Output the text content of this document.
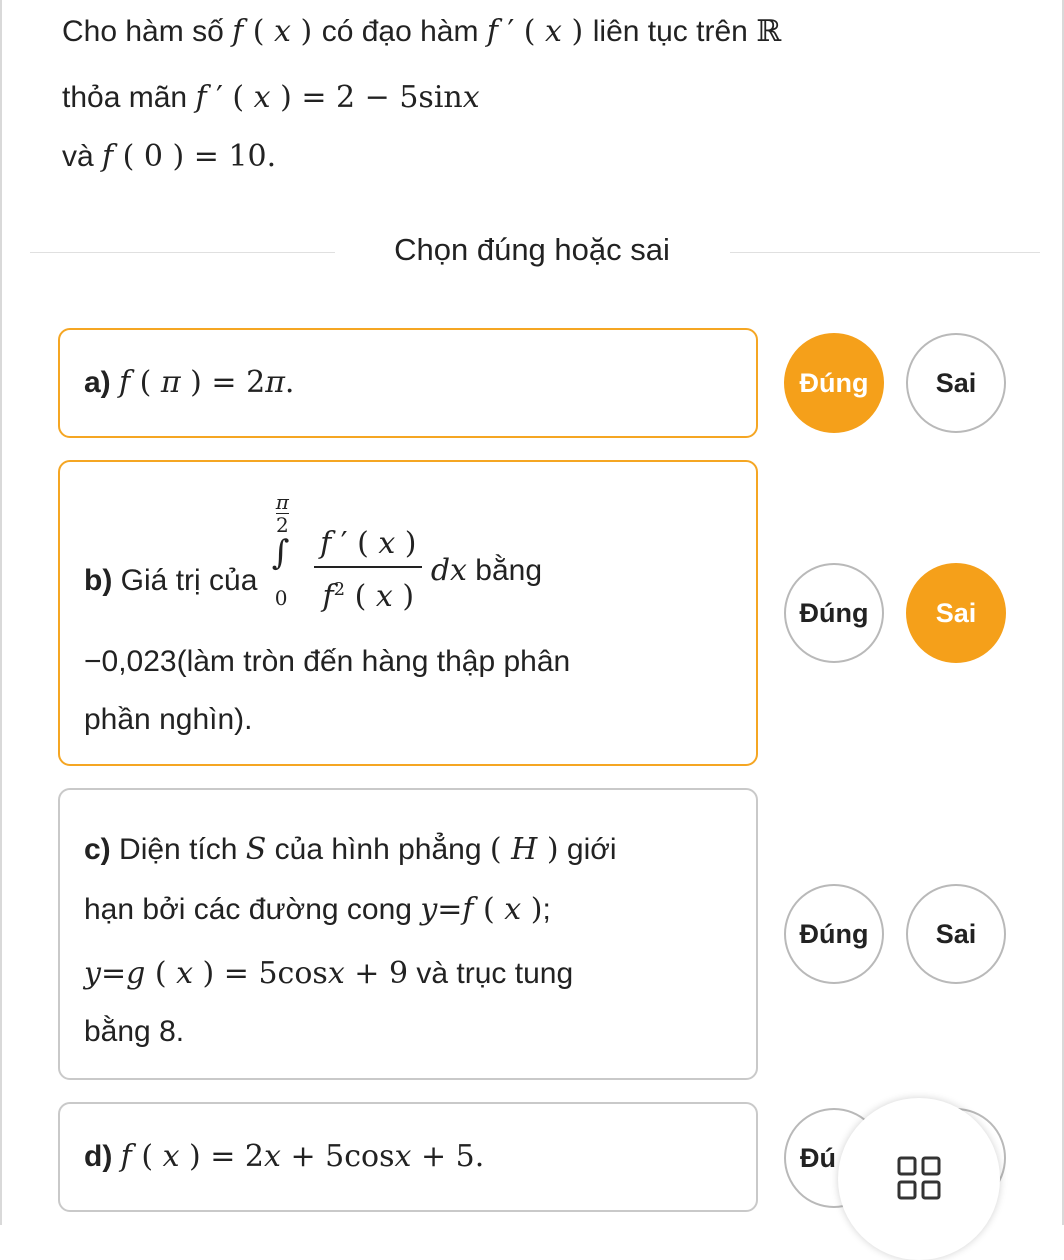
Cho hàm số f ( x ) có đạo hàm f ′ ( x ) liên tục trên ℝ
thỏa mãn f ′ ( x ) = 2 − 5sinx
và f ( 0 ) = 10.
Chọn đúng hoặc sai
a) f ( π ) = 2π.	Đúng	Sai
b) Giá trị của
π
2
∫
0
$\frac{f ' ( x )}{f^2 ( x )}$ dx bằng
−0,023(làm tròn đến hàng thập phân
phần nghìn).
Đúng	Sai
c) Diện tích S của hình phẳng ( H ) giới
hạn bởi các đường cong y=f ( x );
y=g ( x ) = 5cosx + 9 và trục tung
bằng 8.
Đúng	Sai
d) f ( x ) = 2x + 5cosx + 5.	Đú
